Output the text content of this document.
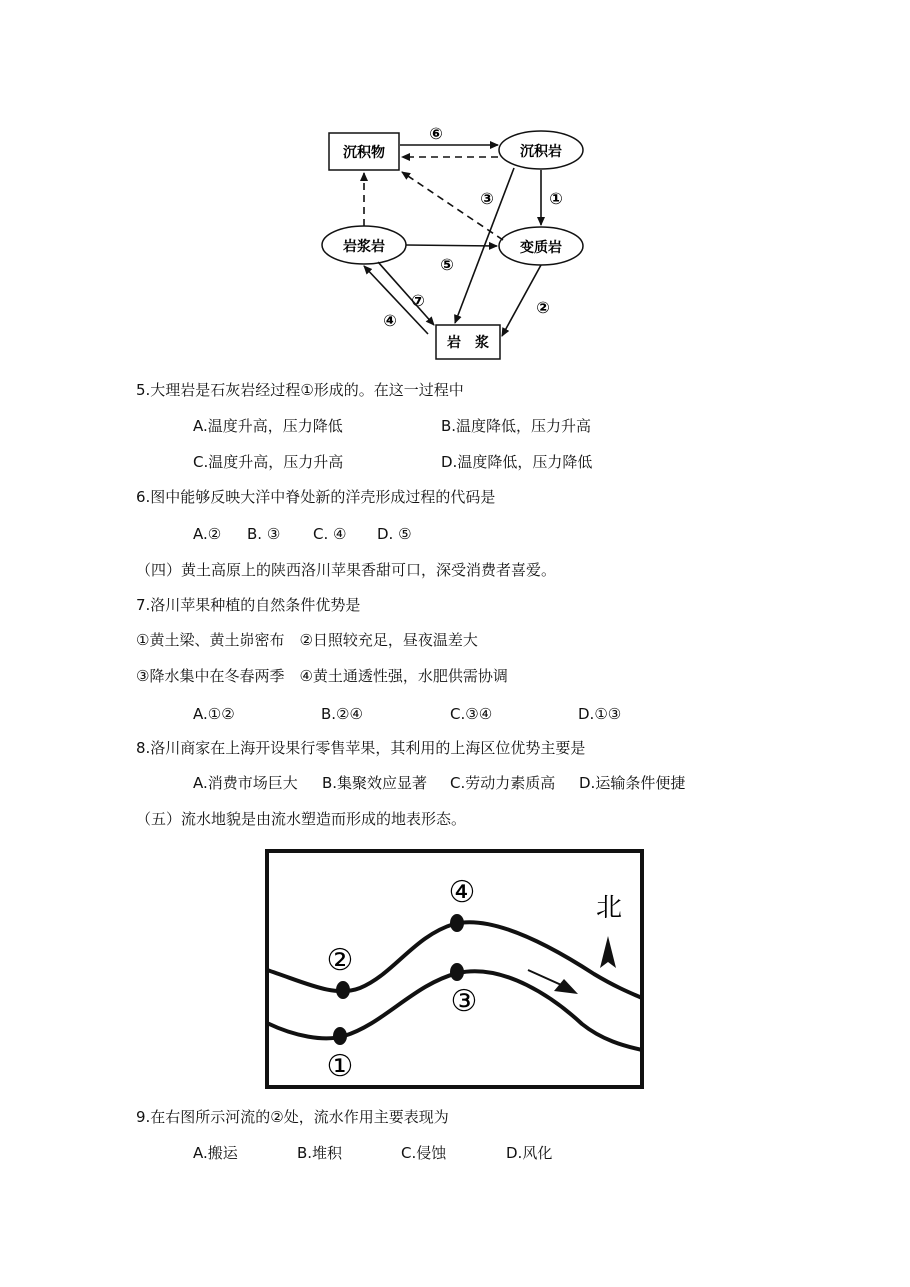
沉积物	沉积岩
岩浆岩	变质岩
岩　浆
⑥
①
③
⑤
②
⑦
④
5.大理岩是石灰岩经过程①形成的。在这一过程中
A.温度升高，压力降低	B.温度降低，压力升高
C.温度升高，压力升高	D.温度降低，压力降低
6.图中能够反映大洋中脊处新的洋壳形成过程的代码是
A.② B. ③ C. ④ D. ⑤
（四）黄土高原上的陕西洛川苹果香甜可口，深受消费者喜爱。
7.洛川苹果种植的自然条件优势是
①黄土梁、黄土峁密布　②日照较充足，昼夜温差大
③降水集中在冬春两季　④黄土通透性强，水肥供需协调
A.①②	B.②④	C.③④	D.①③
8.洛川商家在上海开设果行零售苹果，其利用的上海区位优势主要是
A.消费市场巨大 B.集聚效应显著 C.劳动力素质高 D.运输条件便捷
（五）流水地貌是由流水塑造而形成的地表形态。
北
②
①
④
③
9.在右图所示河流的②处，流水作用主要表现为
A.搬运	B.堆积	C.侵蚀	D.风化
